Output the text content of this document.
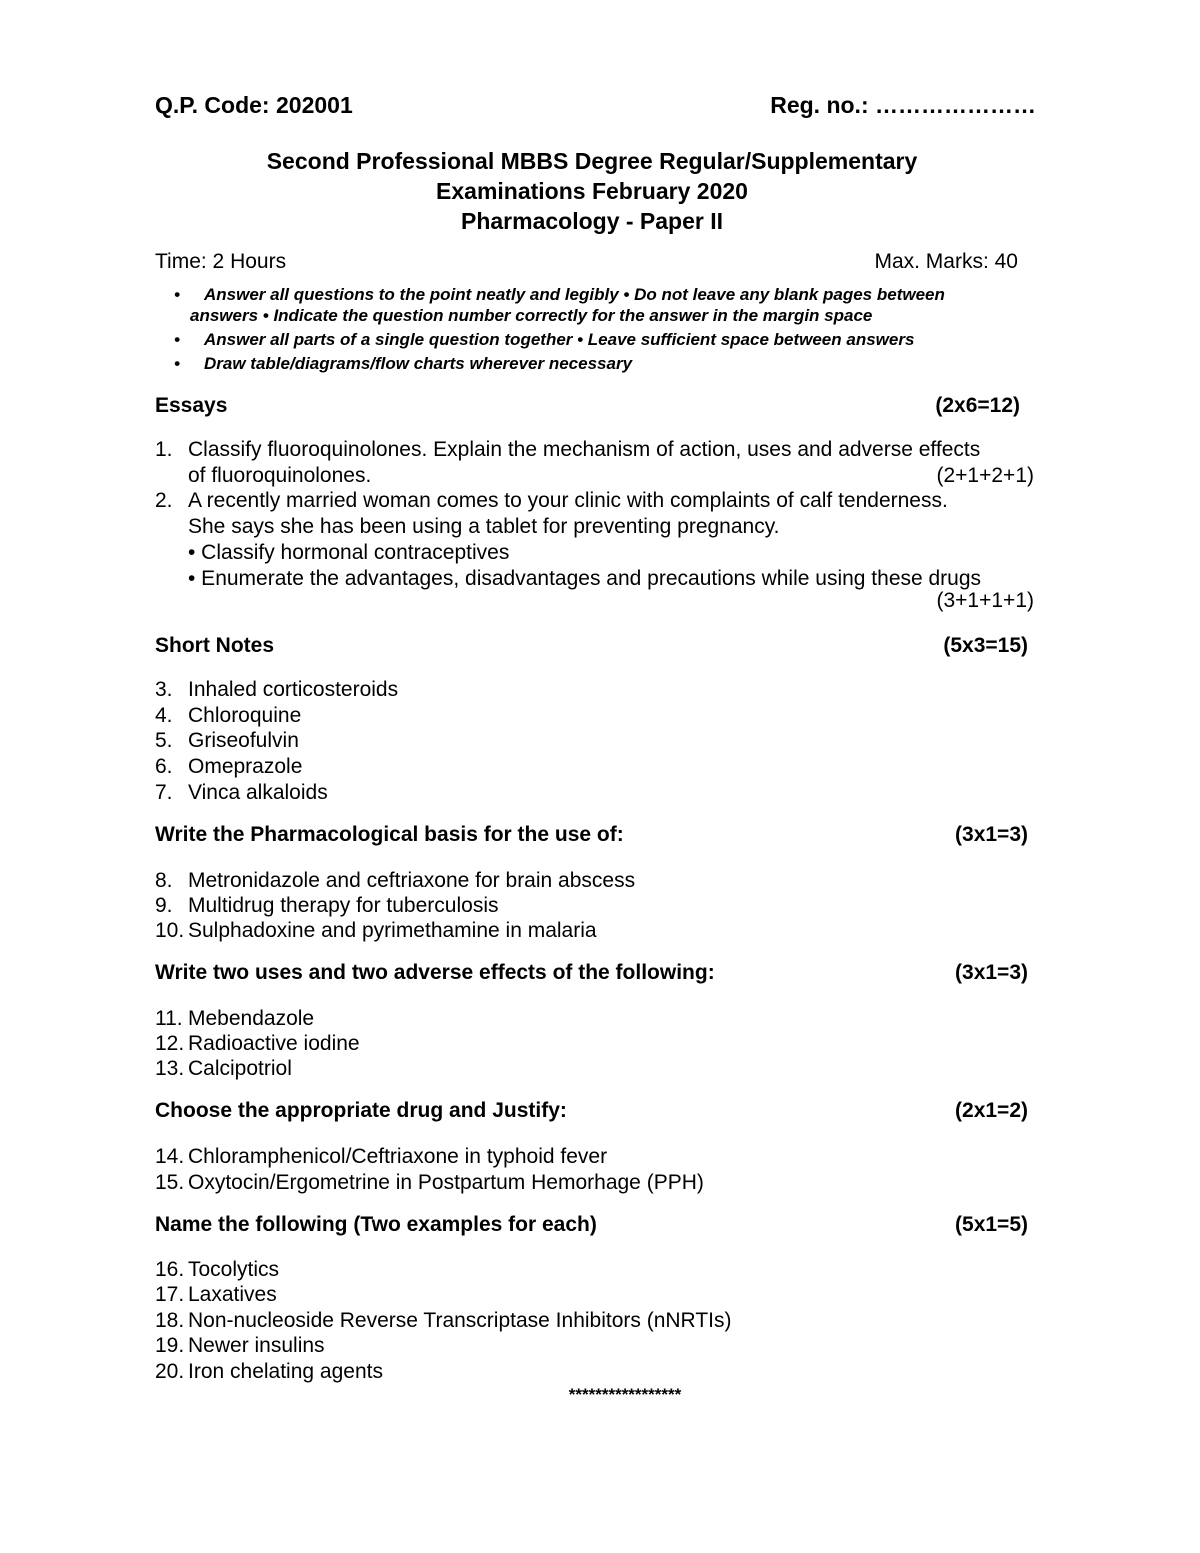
Q.P. Code: 202001	Reg. no.: …………………
Second Professional MBBS Degree Regular/Supplementary
Examinations February 2020
Pharmacology - Paper II
Time: 2 Hours	Max. Marks: 40
• Answer all questions to the point neatly and legibly • Do not leave any blank pages between
answers • Indicate the question number correctly for the answer in the margin space
• Answer all parts of a single question together • Leave sufficient space between answers
• Draw table/diagrams/flow charts wherever necessary
Essays	(2x6=12)
1. Classify fluoroquinolones. Explain the mechanism of action, uses and adverse effects
of fluoroquinolones.	(2+1+2+1)
2. A recently married woman comes to your clinic with complaints of calf tenderness.
She says she has been using a tablet for preventing pregnancy.
• Classify hormonal contraceptives
• Enumerate the advantages, disadvantages and precautions while using these drugs
(3+1+1+1)
Short Notes	(5x3=15)
3. Inhaled corticosteroids
4. Chloroquine
5. Griseofulvin
6. Omeprazole
7. Vinca alkaloids
Write the Pharmacological basis for the use of:	(3x1=3)
8. Metronidazole and ceftriaxone for brain abscess
9. Multidrug therapy for tuberculosis
10. Sulphadoxine and pyrimethamine in malaria
Write two uses and two adverse effects of the following:	(3x1=3)
11. Mebendazole
12. Radioactive iodine
13. Calcipotriol
Choose the appropriate drug and Justify:	(2x1=2)
14. Chloramphenicol/Ceftriaxone in typhoid fever
15. Oxytocin/Ergometrine in Postpartum Hemorhage (PPH)
Name the following (Two examples for each)	(5x1=5)
16. Tocolytics
17. Laxatives
18. Non-nucleoside Reverse Transcriptase Inhibitors (nNRTIs)
19. Newer insulins
20. Iron chelating agents
*****************
